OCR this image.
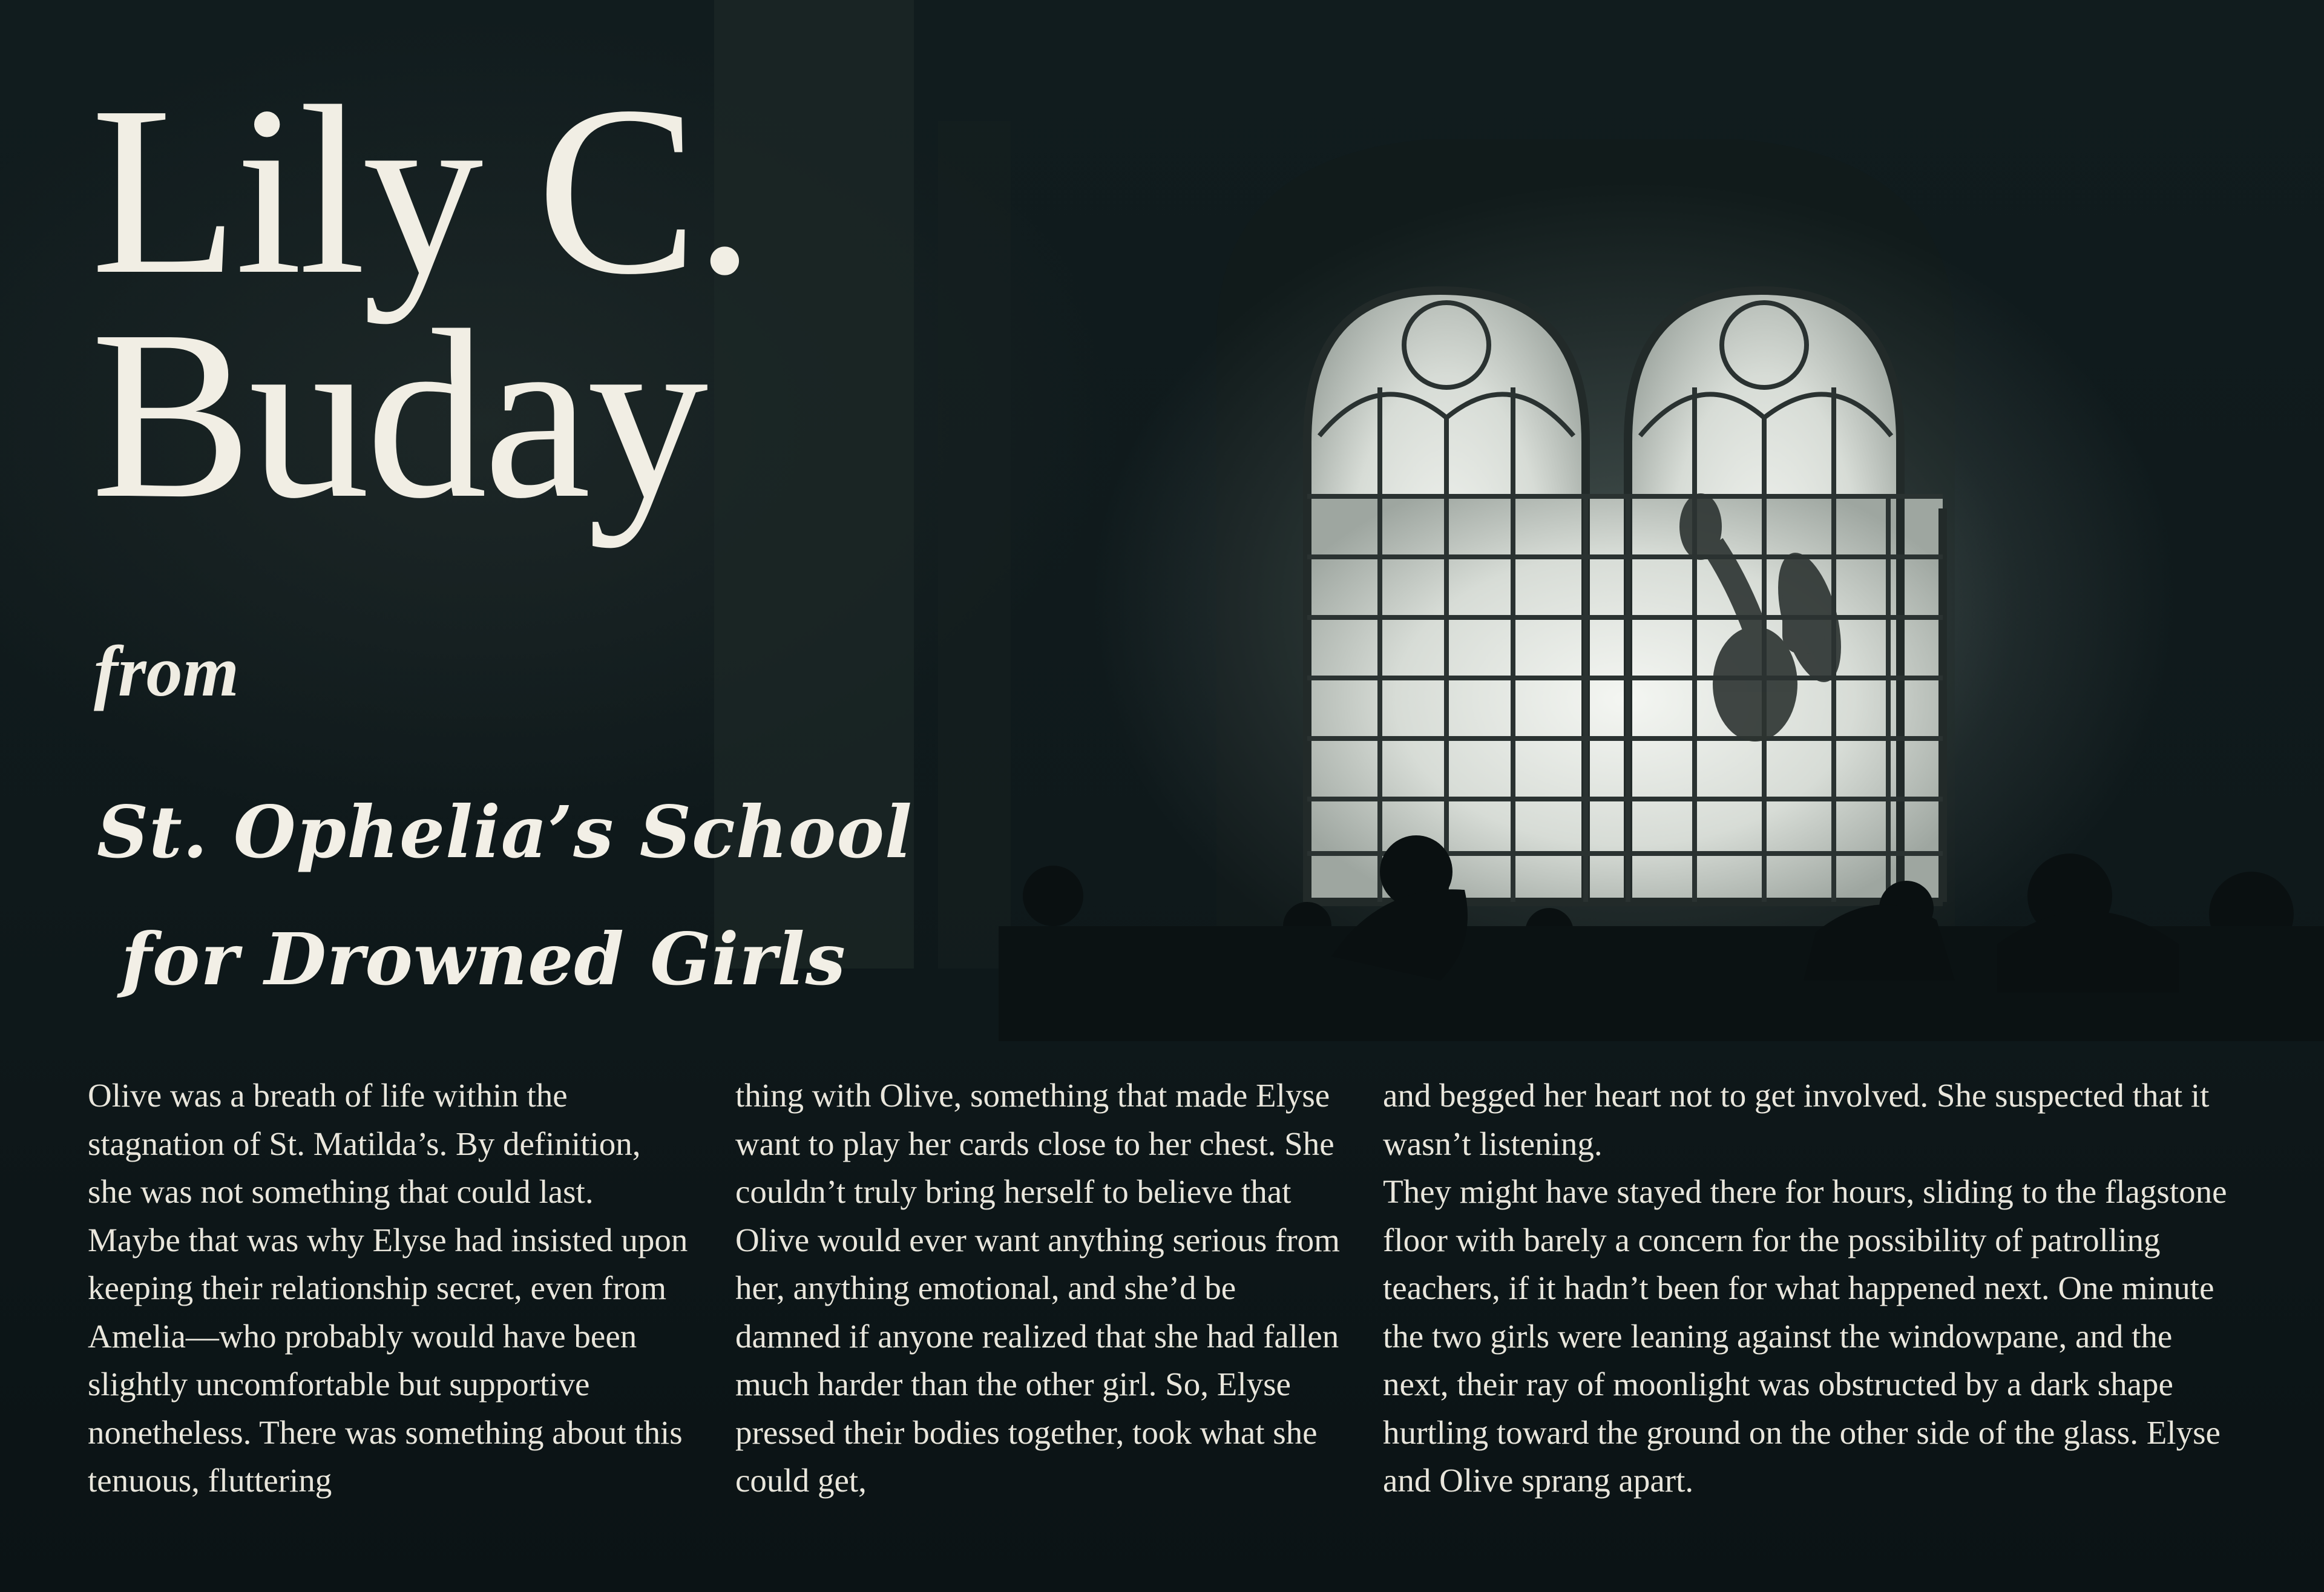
Lily C.
Buday
from
St. Ophelia’s School
for Drowned Girls

Olive was a breath of life within the stagnation of St. Matilda’s. By definition, she was not something that could last. Maybe that was why Elyse had insisted upon keeping their relationship secret, even from Amelia—who probably would have been slightly uncomfortable but supportive nonetheless. There was something about this tenuous, fluttering

thing with Olive, something that made Elyse want to play her cards close to her chest. She couldn’t truly bring herself to believe that Olive would ever want anything serious from her, anything emotional, and she’d be damned if anyone realized that she had fallen much harder than the other girl. So, Elyse pressed their bodies together, took what she could get,

and begged her heart not to get involved. She suspected that it wasn’t listening.

They might have stayed there for hours, sliding to the flagstone floor with barely a concern for the possibility of patrolling teachers, if it hadn’t been for what happened next. One minute the two girls were leaning against the windowpane, and the next, their ray of moonlight was obstructed by a dark shape hurtling toward the ground on the other side of the glass. Elyse and Olive sprang apart.
